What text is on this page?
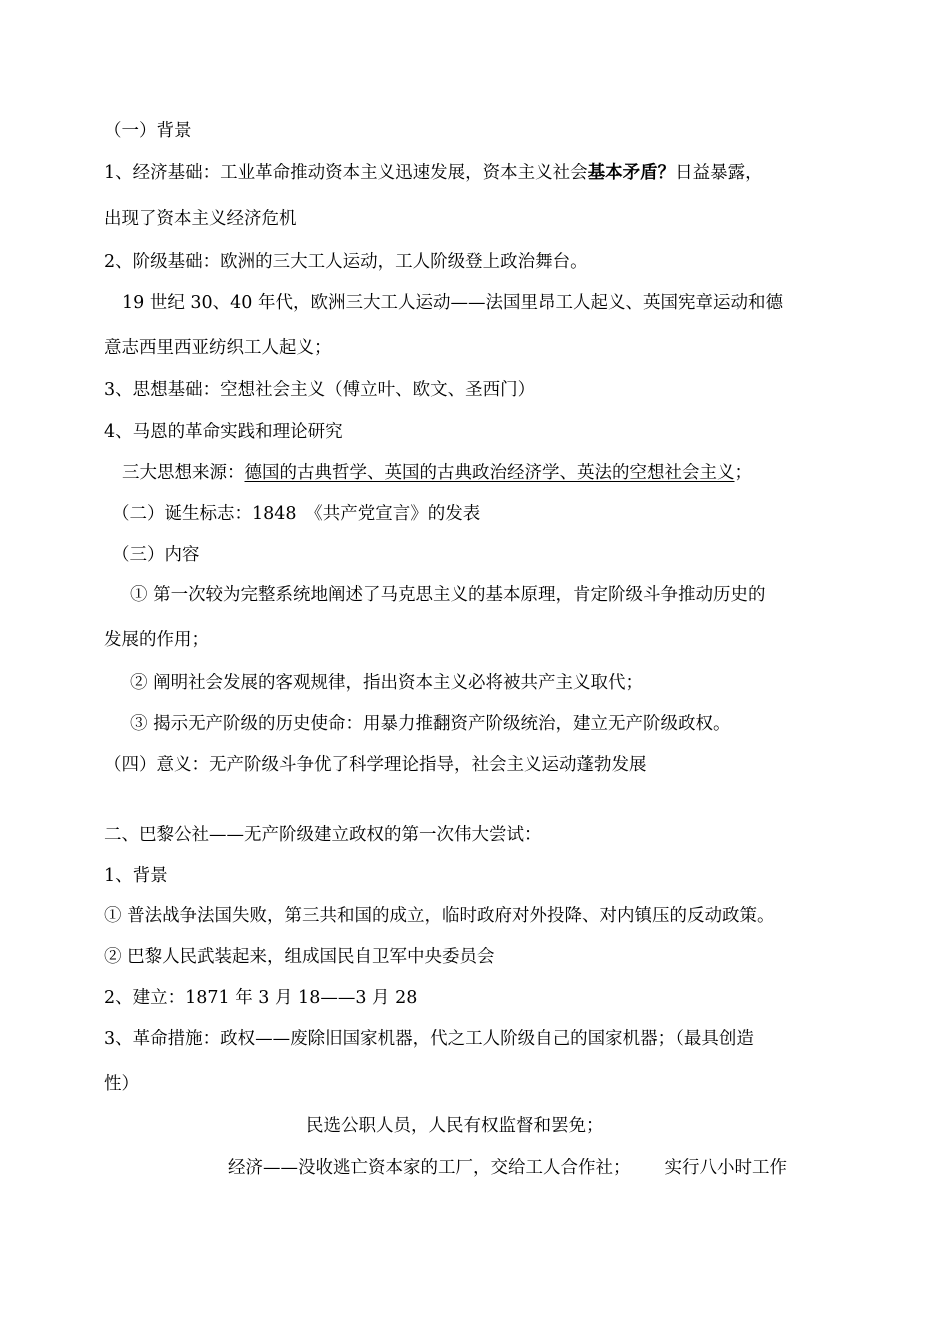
（一）背景
1、经济基础：工业革命推动资本主义迅速发展，资本主义社会基本矛盾？日益暴露，
出现了资本主义经济危机
2、阶级基础：欧洲的三大工人运动，工人阶级登上政治舞台。
19 世纪 30、40 年代，欧洲三大工人运动——法国里昂工人起义、英国宪章运动和德
意志西里西亚纺织工人起义；
3、思想基础：空想社会主义（傅立叶、欧文、圣西门）
4、马恩的革命实践和理论研究
三大思想来源：德国的古典哲学、英国的古典政治经济学、英法的空想社会主义；
（二）诞生标志：1848　《共产党宣言》的发表
（三）内容
① 第一次较为完整系统地阐述了马克思主义的基本原理，肯定阶级斗争推动历史的
发展的作用；
② 阐明社会发展的客观规律，指出资本主义必将被共产主义取代；
③ 揭示无产阶级的历史使命：用暴力推翻资产阶级统治，建立无产阶级政权。
（四）意义：无产阶级斗争优了科学理论指导，社会主义运动蓬勃发展
二、巴黎公社——无产阶级建立政权的第一次伟大尝试：
1、背景
① 普法战争法国失败，第三共和国的成立，临时政府对外投降、对内镇压的反动政策。
② 巴黎人民武装起来，组成国民自卫军中央委员会
2、建立：1871 年 3 月 18——3 月 28
3、革命措施：政权——废除旧国家机器，代之工人阶级自己的国家机器；（最具创造
性）
民选公职人员，人民有权监督和罢免；
经济——没收逃亡资本家的工厂，交给工人合作社； 实行八小时工作
